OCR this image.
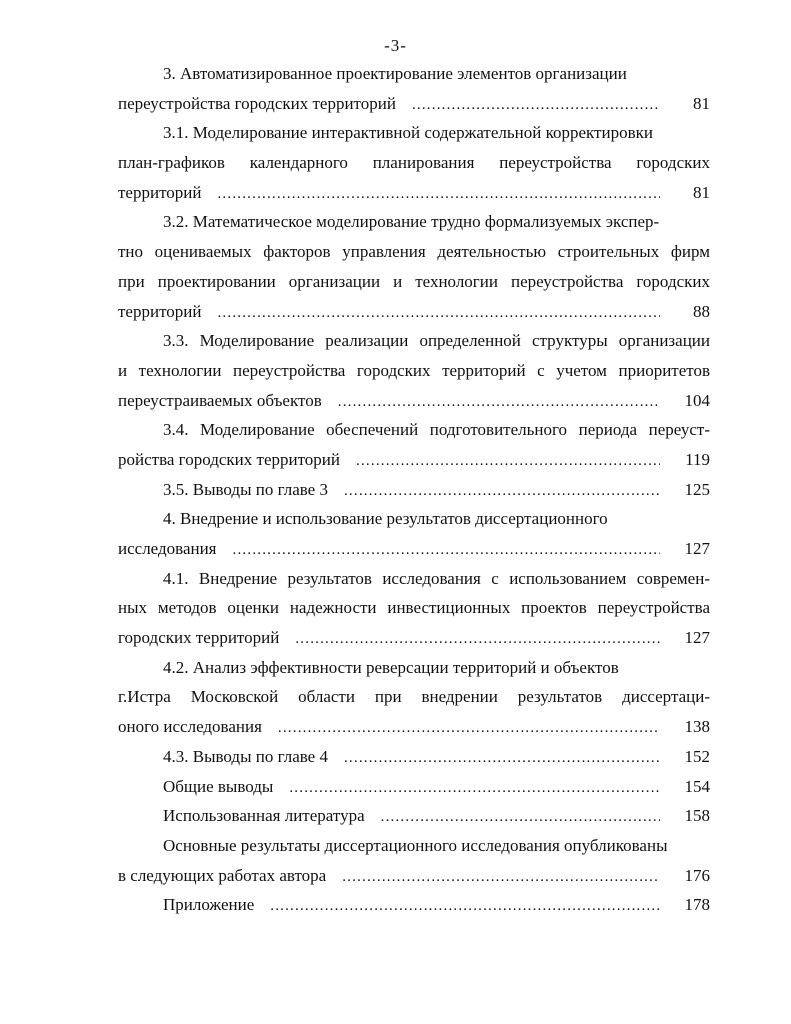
-3-
3. Автоматизированное проектирование элементов организации
переустройства городских территорий .....	81
3.1. Моделирование интерактивной содержательной корректировки
план-графиков календарного планирования переустройства городских
территорий .....	81
3.2. Математическое моделирование трудно формализуемых экспер-
тно оцениваемых факторов управления деятельностью строительных фирм
при проектировании организации и технологии переустройства городских
территорий .....	88
3.3. Моделирование реализации определенной структуры организации
и технологии переустройства городских территорий с учетом приоритетов
переустраиваемых объектов .....	104
3.4. Моделирование обеспечений подготовительного периода переуст-
ройства городских территорий .....	119
3.5. Выводы по главе 3 .....	125
4. Внедрение и использование результатов диссертационного
исследования .....	127
4.1. Внедрение результатов исследования с использованием современ-
ных методов оценки надежности инвестиционных проектов переустройства
городских территорий .....	127
4.2. Анализ эффективности реверсации территорий и объектов
г.Истра Московской области при внедрении результатов диссертаци-
оного исследования .....	138
4.3. Выводы по главе 4 .....	152
Общие выводы .....	154
Использованная литература .....	158
Основные результаты диссертационного исследования опубликованы
в следующих работах автора .....	176
Приложение .....	178
